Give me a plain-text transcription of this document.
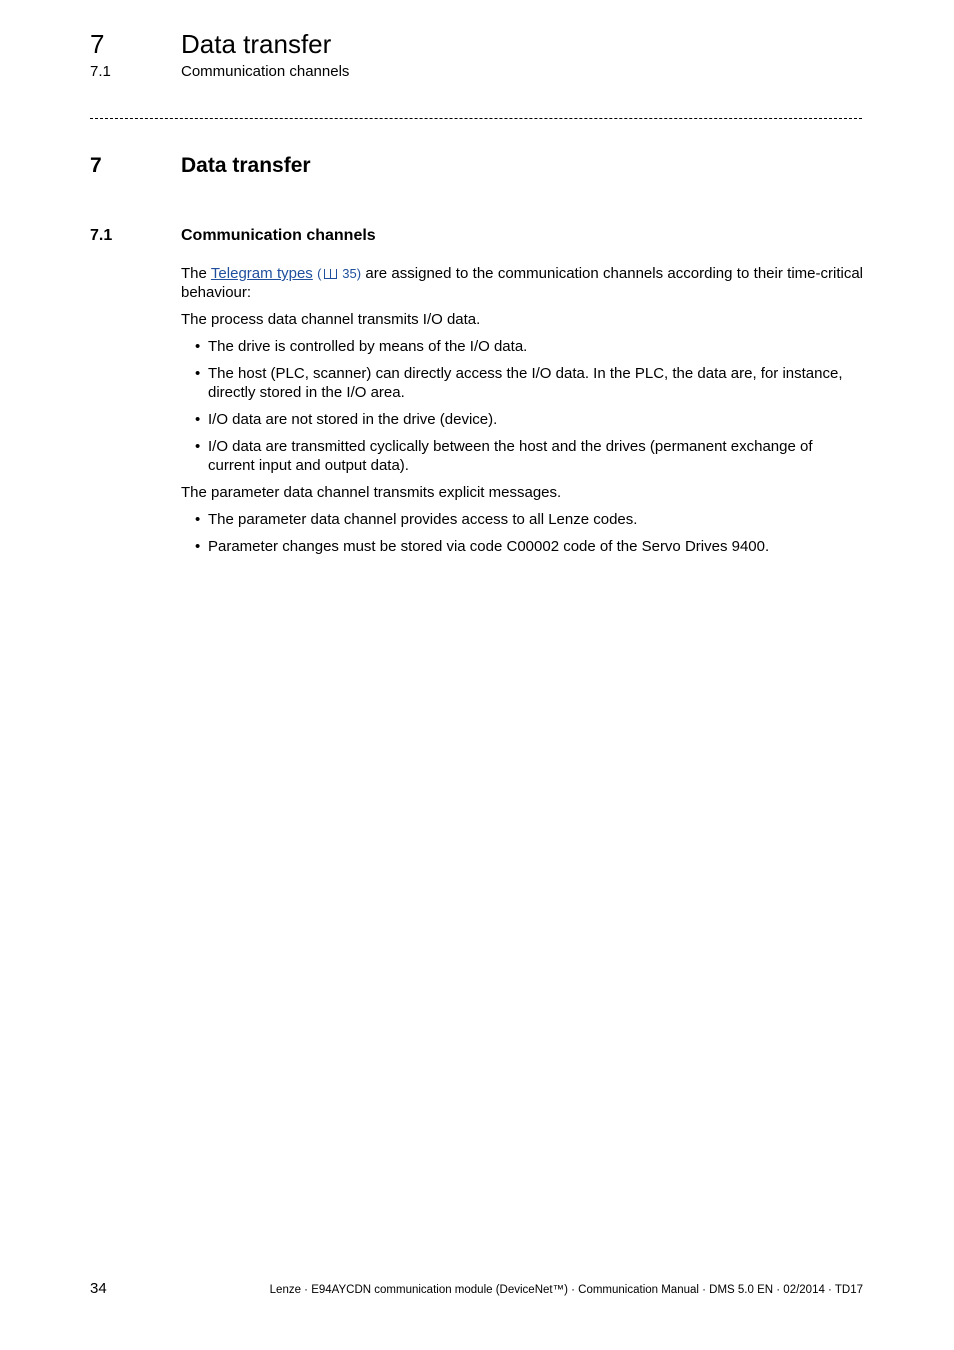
7	Data transfer
7.1	Communication channels
7	Data transfer
7.1	Communication channels

The Telegram types ( 35) are assigned to the communication channels according to their time-critical behaviour:

The process data channel transmits I/O data.

• The drive is controlled by means of the I/O data.
• The host (PLC, scanner) can directly access the I/O data. In the PLC, the data are, for instance, directly stored in the I/O area.
• I/O data are not stored in the drive (device).
• I/O data are transmitted cyclically between the host and the drives (permanent exchange of current input and output data).

The parameter data channel transmits explicit messages.

• The parameter data channel provides access to all Lenze codes.
• Parameter changes must be stored via code C00002 code of the Servo Drives 9400.
34	Lenze · E94AYCDN communication module (DeviceNet™) · Communication Manual · DMS 5.0 EN · 02/2014 · TD17
